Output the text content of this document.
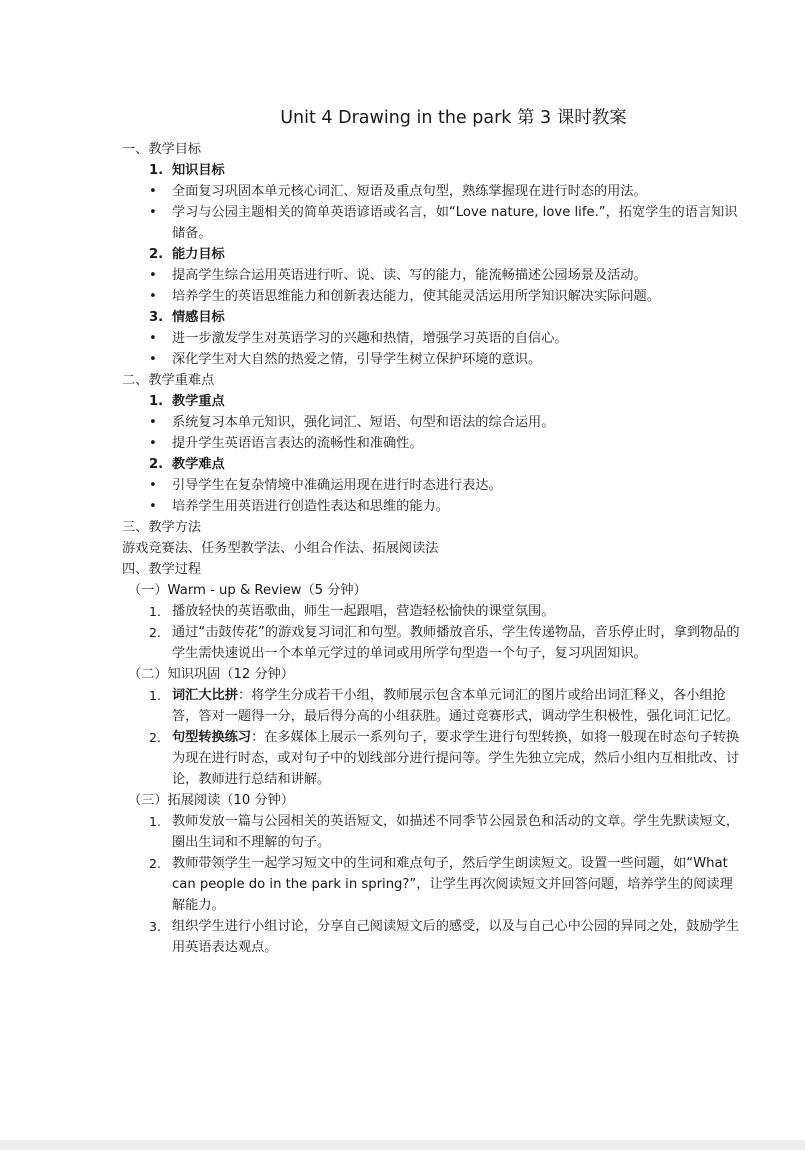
Unit 4 Drawing in the park 第 3 课时教案
一、教学目标
1. 知识目标
•	全面复习巩固本单元核心词汇、短语及重点句型，熟练掌握现在进行时态的用法。
•	学习与公园主题相关的简单英语谚语或名言，如“Love nature, love life.”，拓宽学生的语言知识储备。
2. 能力目标
•	提高学生综合运用英语进行听、说、读、写的能力，能流畅描述公园场景及活动。
•	培养学生的英语思维能力和创新表达能力，使其能灵活运用所学知识解决实际问题。
3. 情感目标
•	进一步激发学生对英语学习的兴趣和热情，增强学习英语的自信心。
•	深化学生对大自然的热爱之情，引导学生树立保护环境的意识。
二、教学重难点
1. 教学重点
•	系统复习本单元知识，强化词汇、短语、句型和语法的综合运用。
•	提升学生英语语言表达的流畅性和准确性。
2. 教学难点
•	引导学生在复杂情境中准确运用现在进行时态进行表达。
•	培养学生用英语进行创造性表达和思维的能力。
三、教学方法
游戏竞赛法、任务型教学法、小组合作法、拓展阅读法
四、教学过程
（一）Warm - up & Review（5 分钟）
1. 播放轻快的英语歌曲，师生一起跟唱，营造轻松愉快的课堂氛围。
2. 通过“击鼓传花”的游戏复习词汇和句型。教师播放音乐，学生传递物品，音乐停止时，拿到物品的学生需快速说出一个本单元学过的单词或用所学句型造一个句子，复习巩固知识。
（二）知识巩固（12 分钟）
1. 词汇大比拼：将学生分成若干小组，教师展示包含本单元词汇的图片或给出词汇释义，各小组抢答，答对一题得一分，最后得分高的小组获胜。通过竞赛形式，调动学生积极性，强化词汇记忆。
2. 句型转换练习：在多媒体上展示一系列句子，要求学生进行句型转换，如将一般现在时态句子转换为现在进行时态，或对句子中的划线部分进行提问等。学生先独立完成，然后小组内互相批改、讨论，教师进行总结和讲解。
（三）拓展阅读（10 分钟）
1. 教师发放一篇与公园相关的英语短文，如描述不同季节公园景色和活动的文章。学生先默读短文，圈出生词和不理解的句子。
2. 教师带领学生一起学习短文中的生词和难点句子，然后学生朗读短文。设置一些问题，如“What can people do in the park in spring?”，让学生再次阅读短文并回答问题，培养学生的阅读理解能力。
3. 组织学生进行小组讨论，分享自己阅读短文后的感受，以及与自己心中公园的异同之处，鼓励学生用英语表达观点。
